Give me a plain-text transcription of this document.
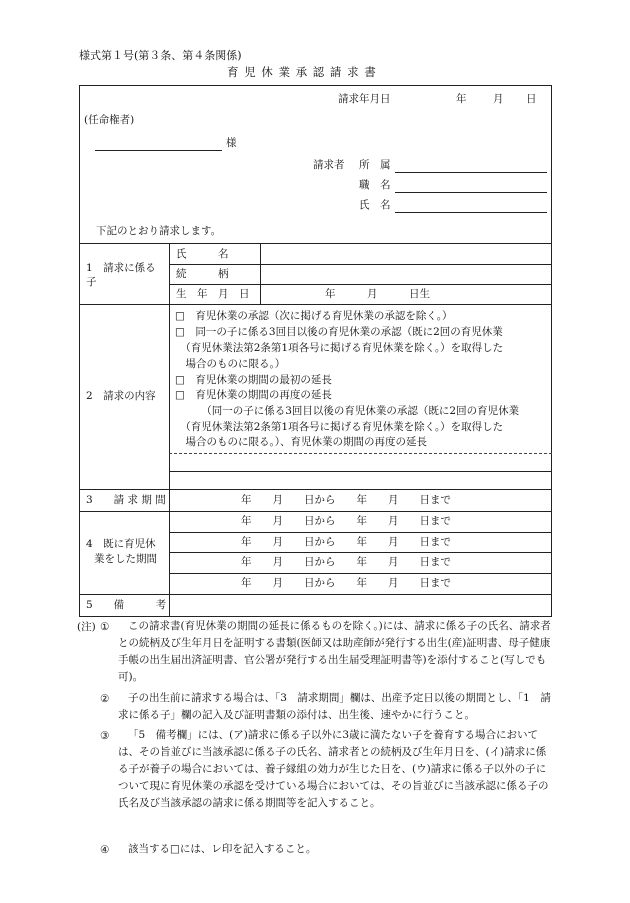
様式第１号(第３条、第４条関係)
育 児 休 業 承 認 請 求 書
請求年月日	年	月 日
(任命権者)
様
請求者 所　属
職　名
氏　名
下記のとおり請求します。
1　請求に係る
子
氏　　　名
続　　　柄
生　年　月　日	年　　　月　　　日生
2　請求の内容
□　育児休業の承認（次に掲げる育児休業の承認を除く。）
□　同一の子に係る3回目以後の育児休業の承認（既に2回の育児休業
　（育児休業法第2条第1項各号に掲げる育児休業を除く。）を取得した
　場合のものに限る。）
□　育児休業の期間の最初の延長
□　育児休業の期間の再度の延長
　　　（同一の子に係る3回目以後の育児休業の承認（既に2回の育児休業
　（育児休業法第2条第1項各号に掲げる育児休業を除く。）を取得した
　場合のものに限る。）、育児休業の期間の再度の延長
3　　請 求 期 間	年　　月　　日から　　年　　月　　日まで
4　既に育児休
業をした期間
年　　月　　日から　　年　　月　　日まで
年　　月　　日から　　年　　月　　日まで
年　　月　　日から　　年　　月　　日まで
年　　月　　日から　　年　　月　　日まで
5　　備　　　考
(注) ①	この請求書(育児休業の期間の延長に係るものを除く。)には、請求に係る子の氏名、請求者との続柄及び生年月日を証明する書類(医師又は助産師が発行する出生(産)証明書、母子健康手帳の出生届出済証明書、官公署が発行する出生届受理証明書等)を添付すること(写しでも可)。
②	子の出生前に請求する場合は、「3　請求期間」欄は、出産予定日以後の期間とし、「1　請求に係る子」欄の記入及び証明書類の添付は、出生後、速やかに行うこと。
③	「5　備考欄」には、(ア)請求に係る子以外に3歳に満たない子を養育する場合においては、その旨並びに当該承認に係る子の氏名、請求者との続柄及び生年月日を、(イ)請求に係る子が養子の場合においては、養子縁組の効力が生じた日を、(ウ)請求に係る子以外の子について現に育児休業の承認を受けている場合においては、その旨並びに当該承認に係る子の氏名及び当該承認の請求に係る期間等を記入すること。
④	該当する□には、レ印を記入すること。
